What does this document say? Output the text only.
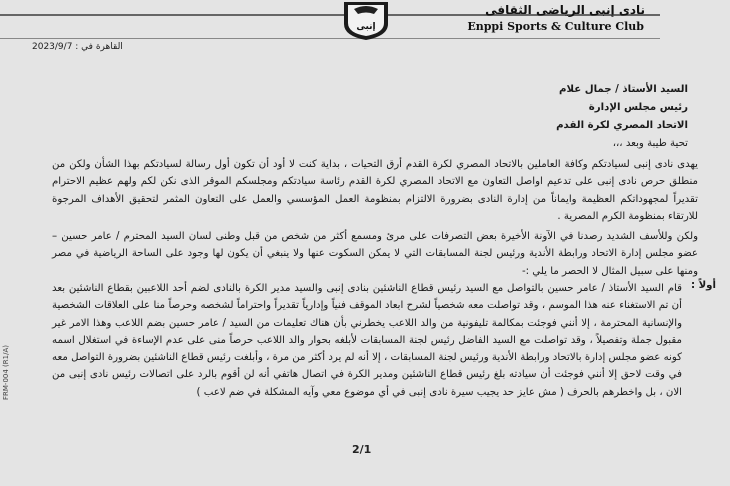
نادى إنبى الرياضى الثقافى
Enppi Sports & Culture Club
إنبى
FRM-004 (R1/A)
القاهرة في : 2023/9/7
السيد الأستاذ / جمال علام
رئيس مجلس الإدارة
الاتحاد المصري لكرة القدم
تحية طيبة وبعد ،،،
يهدى نادى إنبى لسيادتكم وكافة العاملين بالاتحاد المصري لكرة القدم أرق التحيات ، بداية كنت لا أود أن تكون أول رسالة لسيادتكم بهذا الشأن ولكن من منطلق حرص نادى إنبى على تدعيم اواصل التعاون مع الاتحاد المصري لكرة القدم رئاسة سيادتكم ومجلسكم الموقر الذى نكن لكم ولهم عظيم الاحترام تقديراً لمجهوداتكم العظيمة وايماناً من إدارة النادى بضرورة الالتزام بمنظومة العمل المؤسسي والعمل على التعاون المثمر لتحقيق الأهداف المرجوة للارتقاء بمنظومة الكرم المصرية .
ولكن وللأسف الشديد رصدنا في الآونة الأخيرة بعض التصرفات على مرئ ومسمع أكثر من شخص من قبل وطنى لسان السيد المحترم / عامر حسين – عضو مجلس إدارة الاتحاد ورابطة الأندية ورئيس لجنة المسابقات التي لا يمكن السكوت عنها ولا ينبغي أن يكون لها وجود على الساحة الرياضية في مصر ومنها على سبيل المثال لا الحصر ما يلي :-
أولاً :
قام السيد الأستاذ / عامر حسين بالتواصل مع السيد رئيس قطاع الناشئين بنادى إنبى والسيد مدير الكرة بالنادى لضم أحد اللاعبين بقطاع الناشئين بعد أن تم الاستغناء عنه هذا الموسم ، وقد تواصلت معه شخصياً لشرح ابعاد الموقف فنياً وإدارياً تقديراً واحتراماً لشخصه وحرصاً منا على العلاقات الشخصية والإنسانية المحترمة ، إلا أنني فوجئت بمكالمة تليفونية من والد اللاعب يخطرني بأن هناك تعليمات من السيد / عامر حسين بضم اللاعب وهذا الامر غير مقبول جملة وتفصيلاً ، وقد تواصلت مع السيد الفاضل رئيس لجنة المسابقات لأبلغه بحوار والد اللاعب حرصاً منى على عدم الإساءة في استغلال اسمه كونه عضو مجلس إدارة بالاتحاد ورابطة الأندية ورئيس لجنة المسابقات ، إلا أنه لم يرد أكثر من مرة ، وأبلغت رئيس قطاع الناشئين بضرورة التواصل معه في وقت لاحق إلا أنني فوجئت أن سيادته بلغ رئيس قطاع الناشئين ومدير الكرة في اتصال هاتفي أنه لن أقوم بالرد على اتصالات رئيس نادى إنبى من الان ، بل واخطرهم بالحرف ( مش عايز حد يجيب سيرة نادى إنبى في أي موضوع معي وآيه المشكلة في ضم لاعب )
2/1
